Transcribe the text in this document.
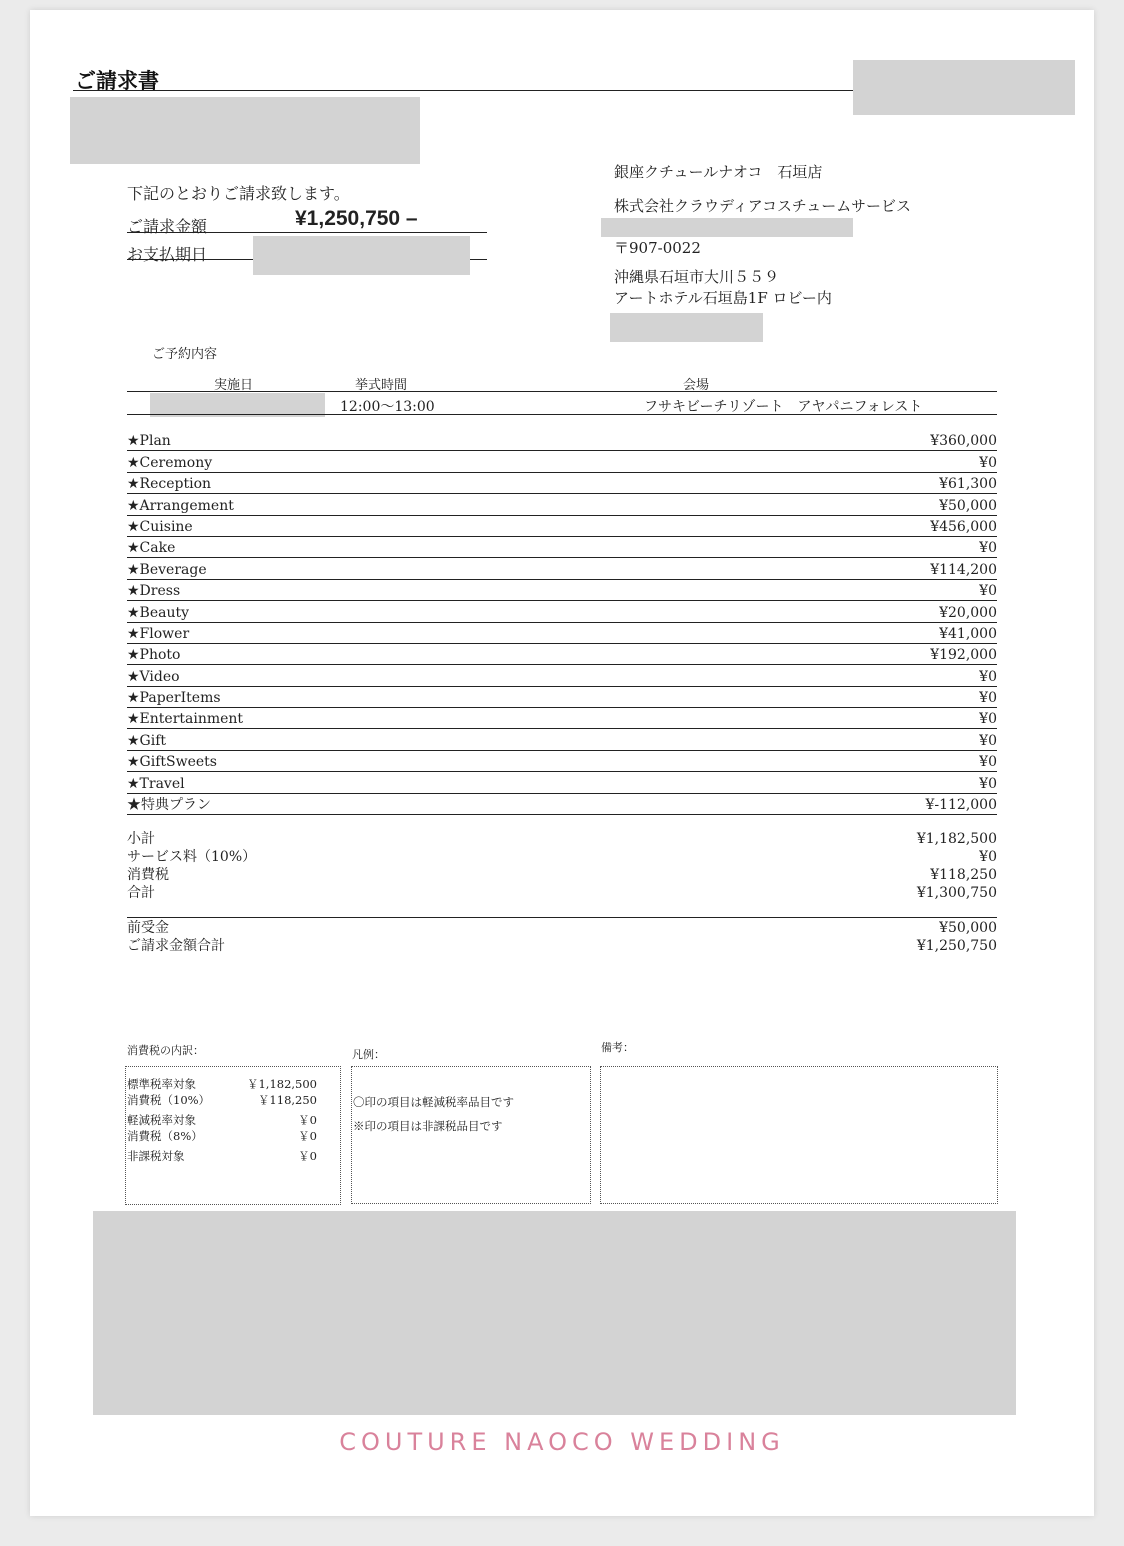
ご請求書
下記のとおりご請求致します。
ご請求金額	¥1,250,750 –
お支払期日
銀座クチュールナオコ　石垣店
株式会社クラウディアコスチュームサービス
〒907-0022
沖縄県石垣市大川５５９
アートホテル石垣島1F ロビー内
ご予約内容
実施日	挙式時間	会場
12:00～13:00	フサキビーチリゾート　アヤパニフォレスト
★Plan	¥360,000
★Ceremony	¥0
★Reception	¥61,300
★Arrangement	¥50,000
★Cuisine	¥456,000
★Cake	¥0
★Beverage	¥114,200
★Dress	¥0
★Beauty	¥20,000
★Flower	¥41,000
★Photo	¥192,000
★Video	¥0
★PaperItems	¥0
★Entertainment	¥0
★Gift	¥0
★GiftSweets	¥0
★Travel	¥0
★特典プラン	¥-112,000
小計	¥1,182,500
サービス料（10%）	¥0
消費税	¥118,250
合計	¥1,300,750
前受金	¥50,000
ご請求金額合計	¥1,250,750
消費税の内訳：	凡例：
備考：
標準税率対象	￥1,182,500
消費税（10%）	￥118,250
軽減税率対象	￥0
消費税（8%）	￥0
非課税対象	￥0
〇印の項目は軽減税率品目です
※印の項目は非課税品目です
COUTURE NAOCO WEDDING
